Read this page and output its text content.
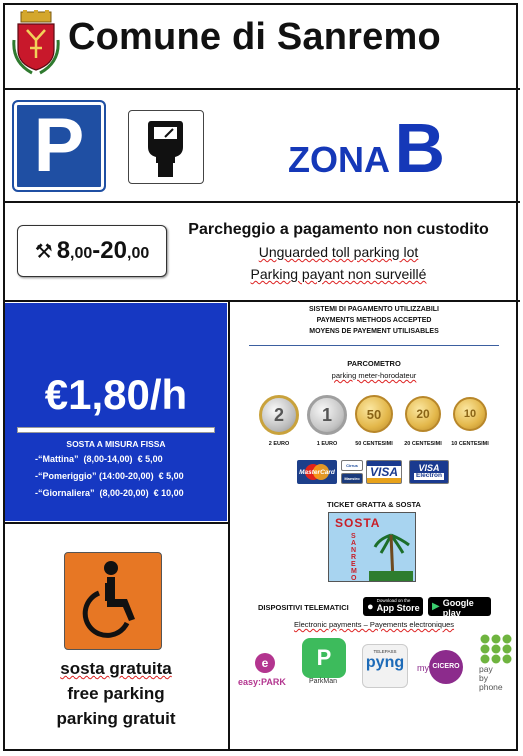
Comune di Sanremo
P	ZONA B
⚒ 8,00-20,00
Parcheggio a pagamento non custodito
Unguarded toll parking lot
Parking payant non surveillé
€1,80/h
SOSTA A MISURA FISSA
-“Mattina” (8,00-14,00) € 5,00
-“Pomeriggio” (14:00-20,00) € 5,00
-“Giornaliera” (8,00-20,00) € 10,00
sosta gratuita
free parking
parking gratuit
SISTEMI DI PAGAMENTO UTILIZZABILI
PAYMENTS METHODS ACCEPTED
MOYENS DE PAYEMENT UTILISABLES
PARCOMETRO
parking meter-horodateur
2	1	50	20	10
2 EURO	1 EURO	50 CENTESIMI 20 CENTESIMI 10 CENTESIMI
MasterCard
Cirrus
Maestro VISA	VISA
Electron
TICKET GRATTA & SOSTA
SOSTA
SANREMO
DISPOSITIVI TELEMATICI	● Download on the
App Store ▶
GET IT ON
Google play
Electronic payments – Payements electroniques
e
easy:PARK
P
ParkMan
TELEPASS
pyng	my CICERO	pay
by
phone
